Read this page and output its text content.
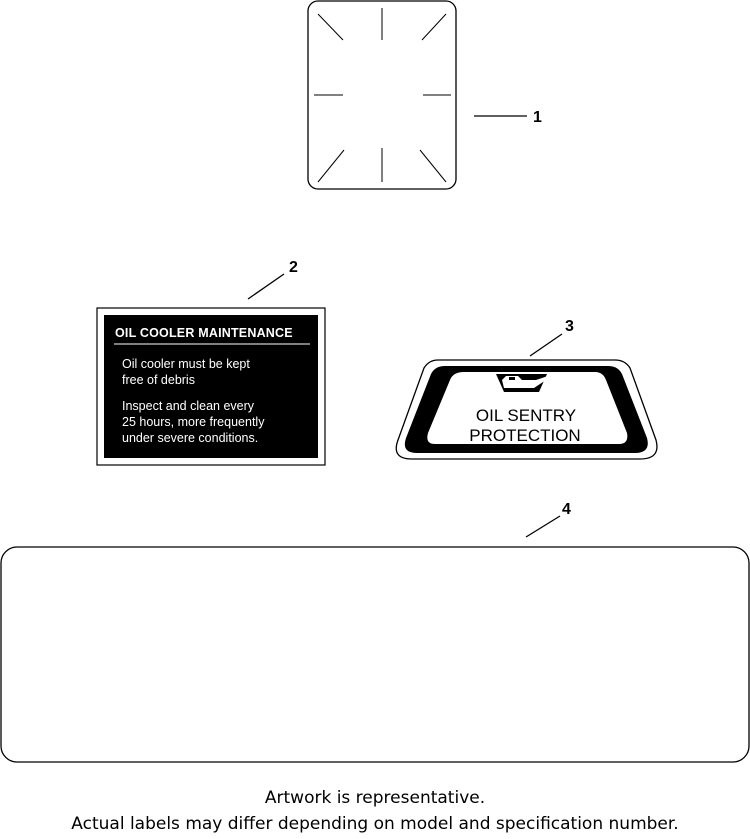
1
2
OIL COOLER MAINTENANCE
Oil cooler must be kept
free of debris
Inspect and clean every
25 hours, more frequently
under severe conditions.
3
OIL SENTRY
PROTECTION
4
Artwork is representative.
Actual labels may differ depending on model and specification number.
